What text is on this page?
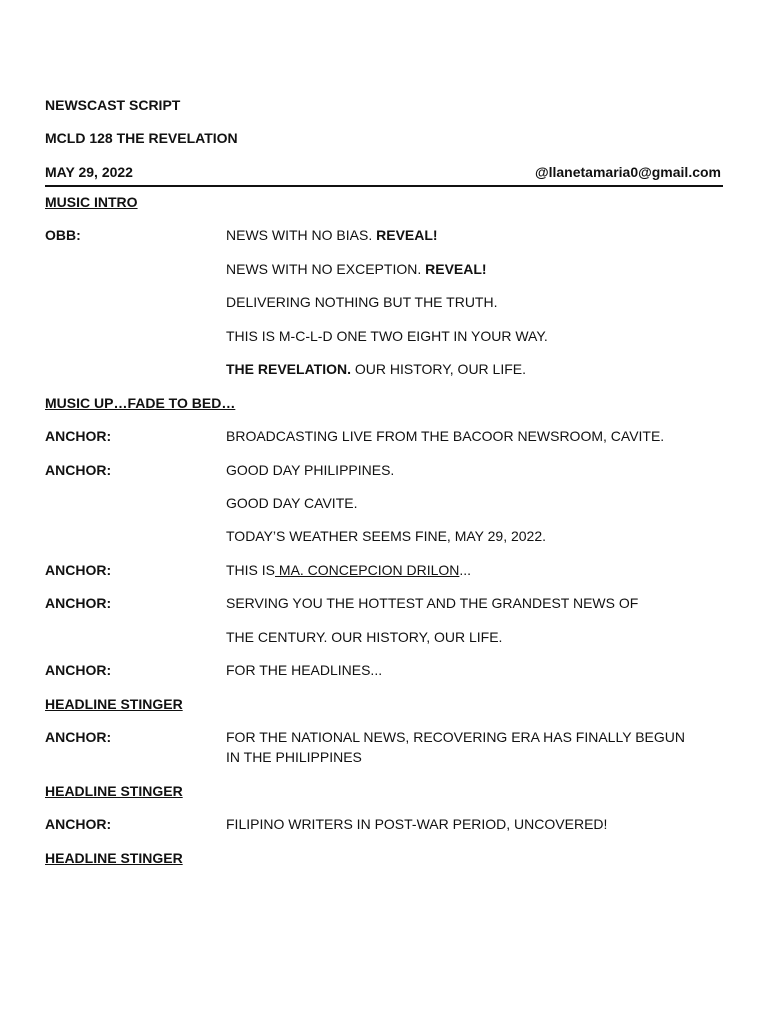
NEWSCAST SCRIPT
MCLD 128 THE REVELATION
MAY 29, 2022	@llanetamaria0@gmail.com
MUSIC INTRO
OBB:	NEWS WITH NO BIAS. REVEAL!
NEWS WITH NO EXCEPTION. REVEAL!
DELIVERING NOTHING BUT THE TRUTH.
THIS IS M-C-L-D ONE TWO EIGHT IN YOUR WAY.
THE REVELATION. OUR HISTORY, OUR LIFE.
MUSIC UP…FADE TO BED…
ANCHOR:	BROADCASTING LIVE FROM THE BACOOR NEWSROOM, CAVITE.
ANCHOR:	GOOD DAY PHILIPPINES.
GOOD DAY CAVITE.
TODAY’S WEATHER SEEMS FINE, MAY 29, 2022.
ANCHOR:	THIS IS MA. CONCEPCION DRILON...
ANCHOR:	SERVING YOU THE HOTTEST AND THE GRANDEST NEWS OF
THE CENTURY. OUR HISTORY, OUR LIFE.
ANCHOR:	FOR THE HEADLINES...
HEADLINE STINGER
ANCHOR:	FOR THE NATIONAL NEWS, RECOVERING ERA HAS FINALLY BEGUN IN THE PHILIPPINES
HEADLINE STINGER
ANCHOR:	FILIPINO WRITERS IN POST-WAR PERIOD, UNCOVERED!
HEADLINE STINGER
